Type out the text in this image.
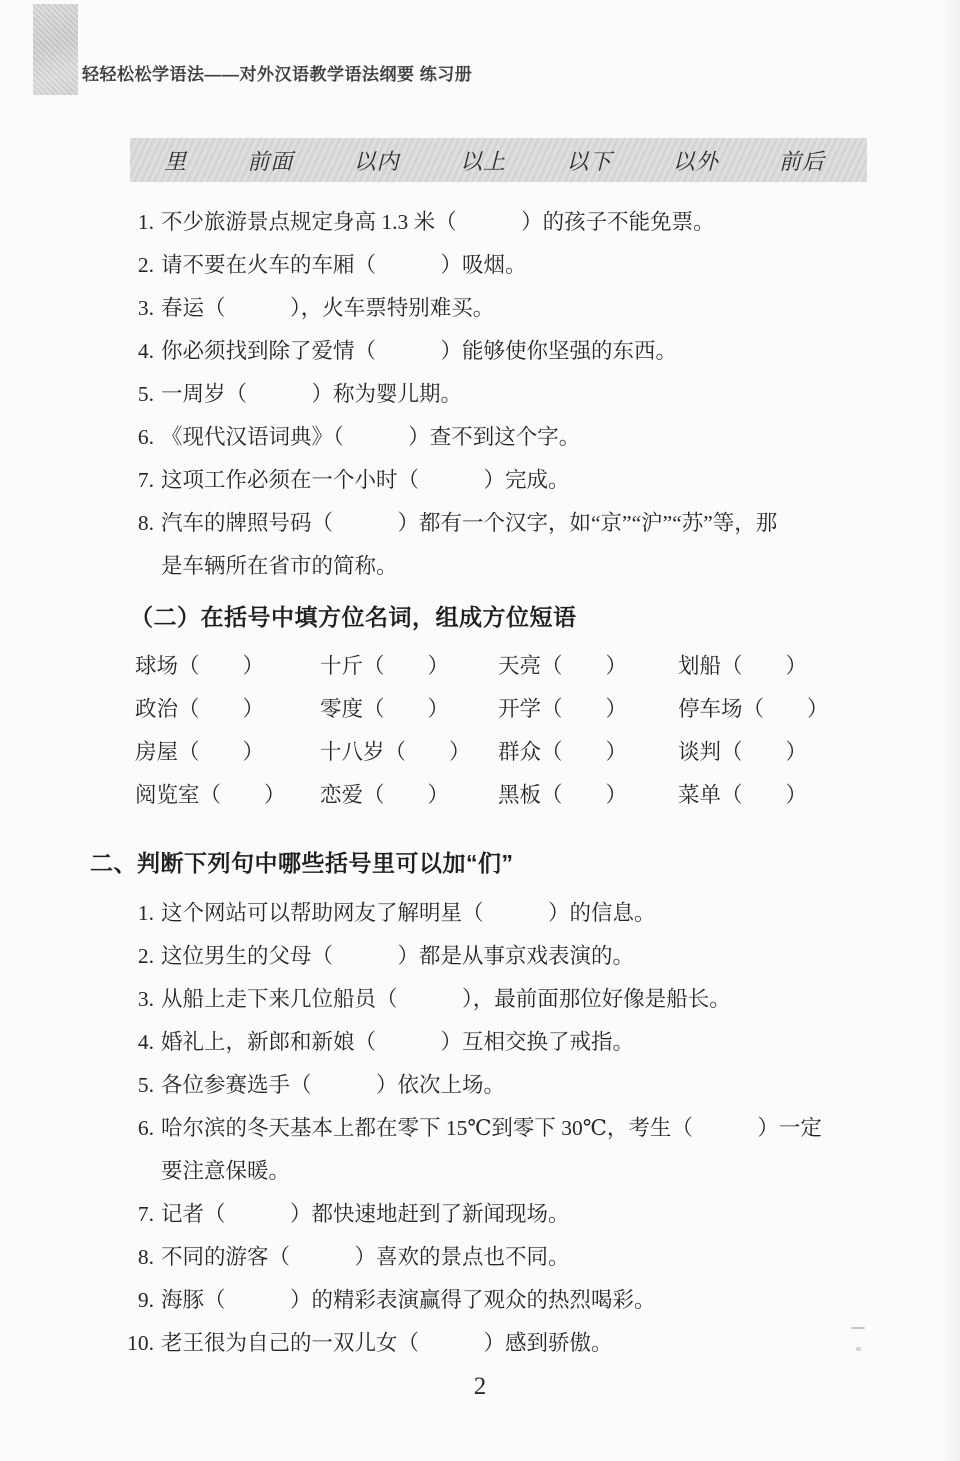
轻轻松松学语法——对外汉语教学语法纲要 练习册
里	前面	以内	以上	以下	以外	前后
1. 不少旅游景点规定身高 1.3 米（　　　）的孩子不能免票。
2. 请不要在火车的车厢（　　　）吸烟。
3. 春运（　　　），火车票特别难买。
4. 你必须找到除了爱情（　　　）能够使你坚强的东西。
5. 一周岁（　　　）称为婴儿期。
6. 《现代汉语词典》（　　　）查不到这个字。
7. 这项工作必须在一个小时（　　　）完成。
8. 汽车的牌照号码（　　　）都有一个汉字，如“京”“沪”“苏”等，那
是车辆所在省市的简称。
（二）在括号中填方位名词，组成方位短语
球场（　　）	十斤（　　）	天亮（　　）	划船（　　）
政治（　　）	零度（　　）	开学（　　）	停车场（　　）
房屋（　　）	十八岁（　　）	群众（　　）	谈判（　　）
阅览室（　　）	恋爱（　　）	黑板（　　）	菜单（　　）
二、判断下列句中哪些括号里可以加“们”
1. 这个网站可以帮助网友了解明星（　　　）的信息。
2. 这位男生的父母（　　　）都是从事京戏表演的。
3. 从船上走下来几位船员（　　　），最前面那位好像是船长。
4. 婚礼上，新郎和新娘（　　　）互相交换了戒指。
5. 各位参赛选手（　　　）依次上场。
6. 哈尔滨的冬天基本上都在零下 15℃到零下 30℃，考生（　　　）一定
要注意保暖。
7. 记者（　　　）都快速地赶到了新闻现场。
8. 不同的游客（　　　）喜欢的景点也不同。
9. 海豚（　　　）的精彩表演赢得了观众的热烈喝彩。
10. 老王很为自己的一双儿女（　　　）感到骄傲。
2
